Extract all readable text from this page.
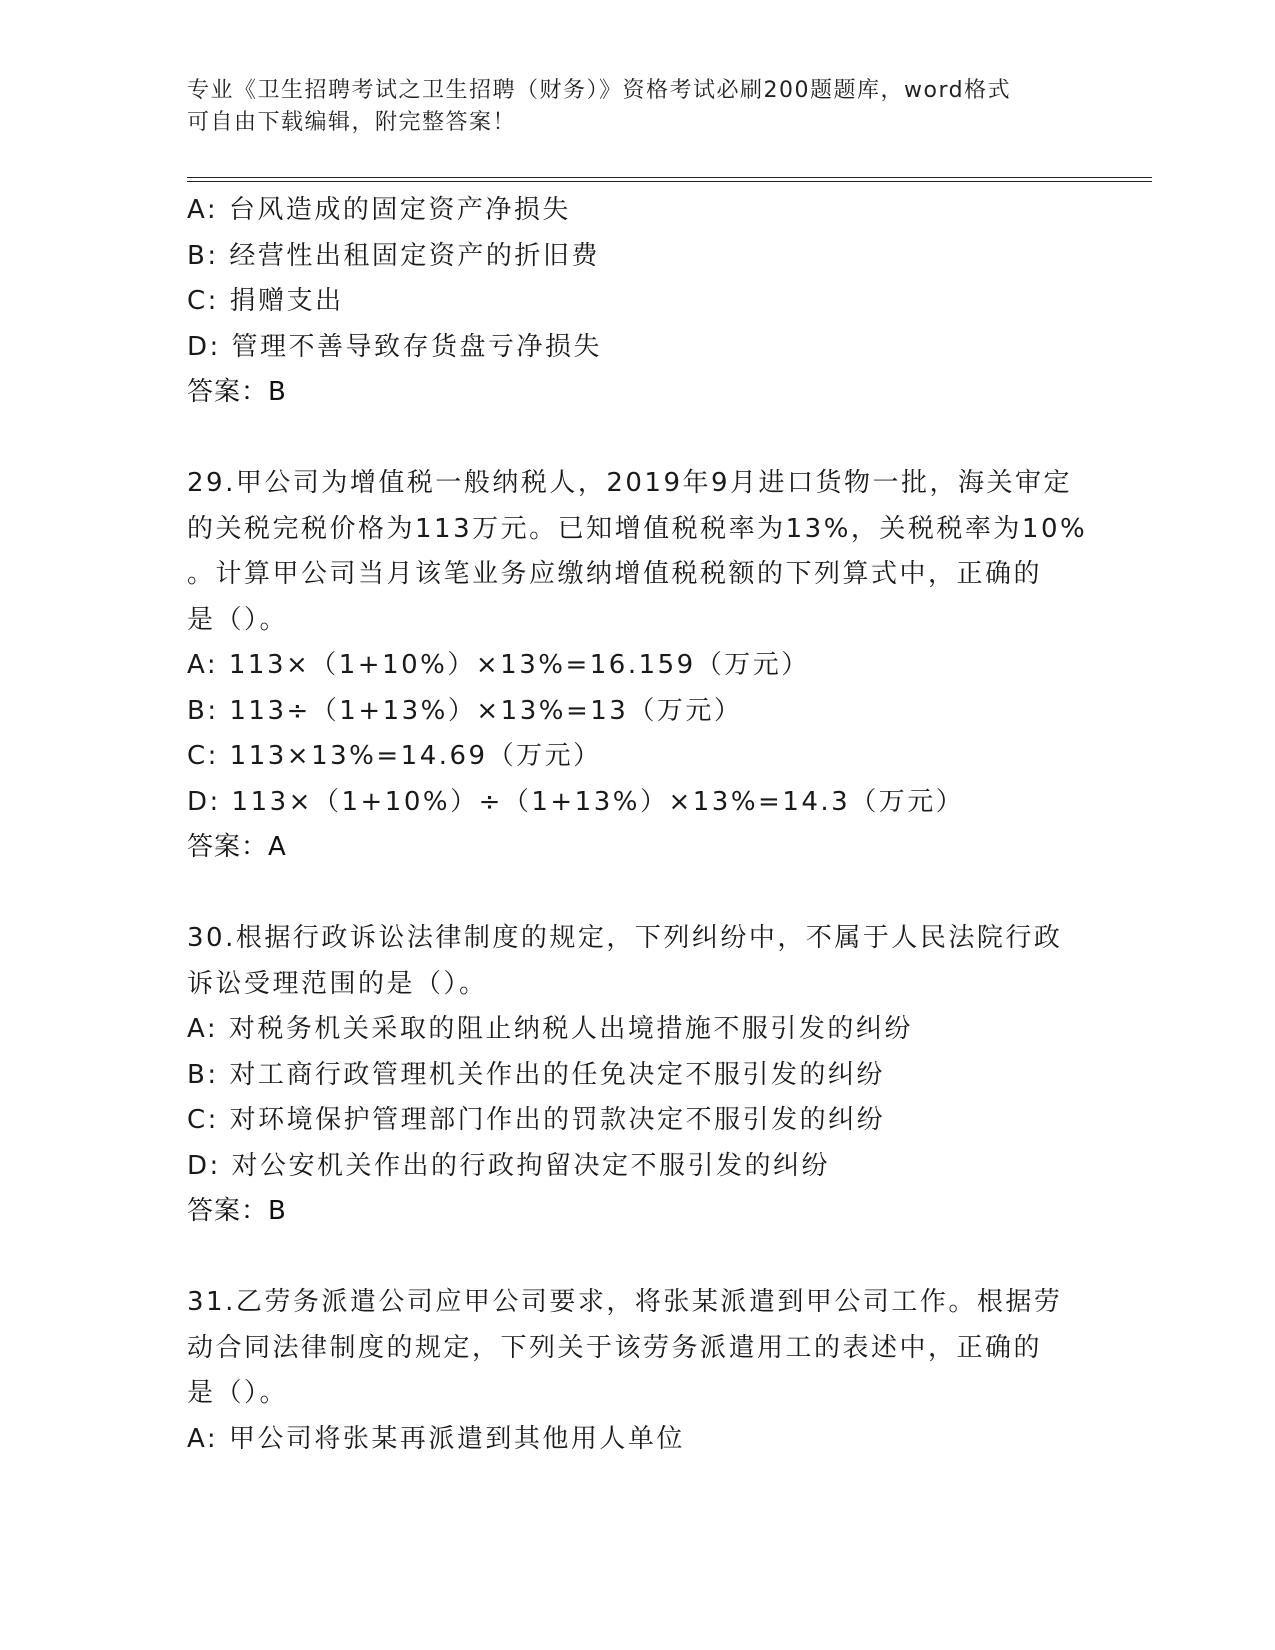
专业《卫生招聘考试之卫生招聘（财务）》资格考试必刷200题题库，word格式
可自由下载编辑，附完整答案！
A: 台风造成的固定资产净损失
B: 经营性出租固定资产的折旧费
C: 捐赠支出
D: 管理不善导致存货盘亏净损失
答案：B
29.甲公司为增值税一般纳税人，2019年9月进口货物一批，海关审定
的关税完税价格为113万元。已知增值税税率为13%，关税税率为10%
。计算甲公司当月该笔业务应缴纳增值税税额的下列算式中，正确的
是（）。
A: 113×（1+10%）×13%=16.159（万元）
B: 113÷（1+13%）×13%=13（万元）
C: 113×13%=14.69（万元）
D: 113×（1+10%）÷（1+13%）×13%=14.3（万元）
答案：A
30.根据行政诉讼法律制度的规定，下列纠纷中，不属于人民法院行政
诉讼受理范围的是（）。
A: 对税务机关采取的阻止纳税人出境措施不服引发的纠纷
B: 对工商行政管理机关作出的任免决定不服引发的纠纷
C: 对环境保护管理部门作出的罚款决定不服引发的纠纷
D: 对公安机关作出的行政拘留决定不服引发的纠纷
答案：B
31.乙劳务派遣公司应甲公司要求，将张某派遣到甲公司工作。根据劳
动合同法律制度的规定，下列关于该劳务派遣用工的表述中，正确的
是（）。
A: 甲公司将张某再派遣到其他用人单位
